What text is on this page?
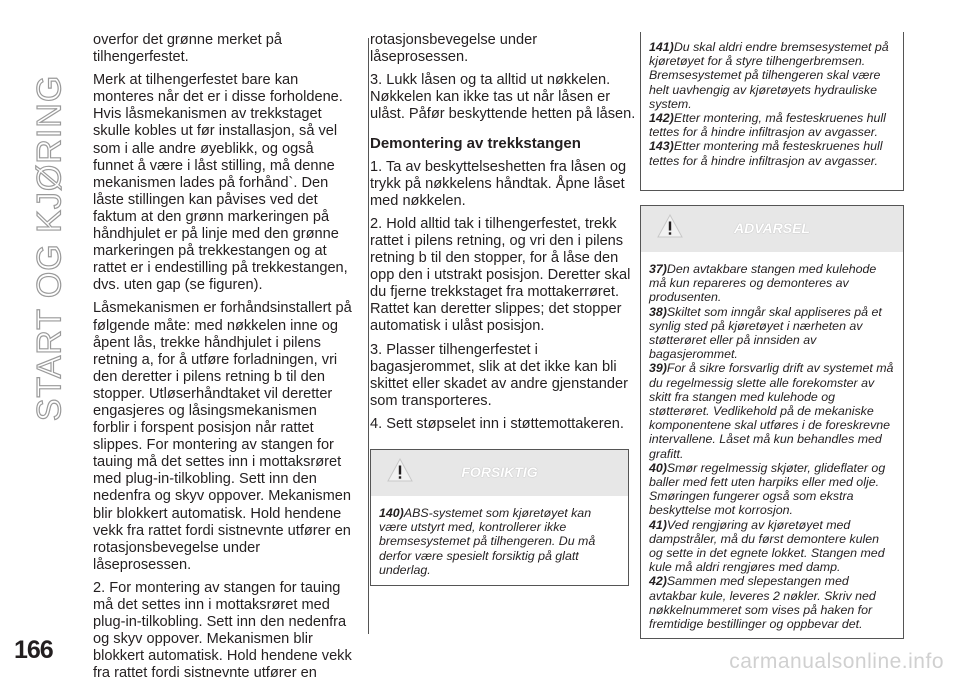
START OG KJØRING
166	carmanualsonline.info

overfor det grønne merket på tilhengerfestet.

Merk at tilhengerfestet bare kan monteres når det er i disse forholdene. Hvis låsmekanismen av trekkstaget skulle kobles ut før installasjon, så vel som i alle andre øyeblikk, og også funnet å være i låst stilling, må denne mekanismen lades på forhånd`. Den låste stillingen kan påvises ved det faktum at den grønn markeringen på håndhjulet er på linje med den grønne markeringen på trekkestangen og at rattet er i endestilling på trekkestangen, dvs. uten gap (se figuren).

Låsmekanismen er forhåndsinstallert på følgende måte: med nøkkelen inne og åpent lås, trekke håndhjulet i pilens retning a, for å utføre forladningen, vri den deretter i pilens retning b til den stopper. Utløserhåndtaket vil deretter engasjeres og låsingsmekanismen forblir i forspent posisjon når rattet slippes. For montering av stangen for tauing må det settes inn i mottaksrøret med plug-in-tilkobling. Sett inn den nedenfra og skyv oppover. Mekanismen blir blokkert automatisk. Hold hendene vekk fra rattet fordi sistnevnte utfører en rotasjonsbevegelse under låseprosessen.

2. For montering av stangen for tauing må det settes inn i mottaksrøret med plug-in-tilkobling. Sett inn den nedenfra og skyv oppover. Mekanismen blir blokkert automatisk. Hold hendene vekk fra rattet fordi sistnevnte utfører en

rotasjonsbevegelse under låseprosessen.

3. Lukk låsen og ta alltid ut nøkkelen. Nøkkelen kan ikke tas ut når låsen er ulåst. Påfør beskyttende hetten på låsen.

Demontering av trekkstangen

1. Ta av beskyttelseshetten fra låsen og trykk på nøkkelens håndtak. Åpne låset med nøkkelen.

2. Hold alltid tak i tilhengerfestet, trekk rattet i pilens retning, og vri den i pilens retning b til den stopper, for å låse den opp den i utstrakt posisjon. Deretter skal du fjerne trekkstaget fra mottakerrøret. Rattet kan deretter slippes; det stopper automatisk i ulåst posisjon.

3. Plasser tilhengerfestet i bagasjerommet, slik at det ikke kan bli skittet eller skadet av andre gjenstander som transporteres.

4. Sett støpselet inn i støttemottakeren.

FORSIKTIG
140)ABS-systemet som kjøretøyet kan være utstyrt med, kontrollerer ikke bremsesystemet på tilhengeren. Du må derfor være spesielt forsiktig på glatt underlag.
141)Du skal aldri endre bremsesystemet på kjøretøyet for å styre tilhengerbremsen. Bremsesystemet på tilhengeren skal være helt uavhengig av kjøretøyets hydrauliske system.
142)Etter montering, må festeskruenes hull tettes for å hindre infiltrasjon av avgasser.
143)Etter montering må festeskruenes hull tettes for å hindre infiltrasjon av avgasser.
ADVARSEL
37)Den avtakbare stangen med kulehode må kun repareres og demonteres av produsenten.
38)Skiltet som inngår skal appliseres på et synlig sted på kjøretøyet i nærheten av støtterøret eller på innsiden av bagasjerommet.
39)For å sikre forsvarlig drift av systemet må du regelmessig slette alle forekomster av skitt fra stangen med kulehode og støtterøret. Vedlikehold på de mekaniske komponentene skal utføres i de foreskrevne intervallene. Låset må kun behandles med grafitt.
40)Smør regelmessig skjøter, glideflater og baller med fett uten harpiks eller med olje. Smøringen fungerer også som ekstra beskyttelse mot korrosjon.
41)Ved rengjøring av kjøretøyet med dampstråler, må du først demontere kulen og sette in det egnete lokket. Stangen med kule må aldri rengjøres med damp.
42)Sammen med slepestangen med avtakbar kule, leveres 2 nøkler. Skriv ned nøkkelnummeret som vises på haken for fremtidige bestillinger og oppbevar det.
